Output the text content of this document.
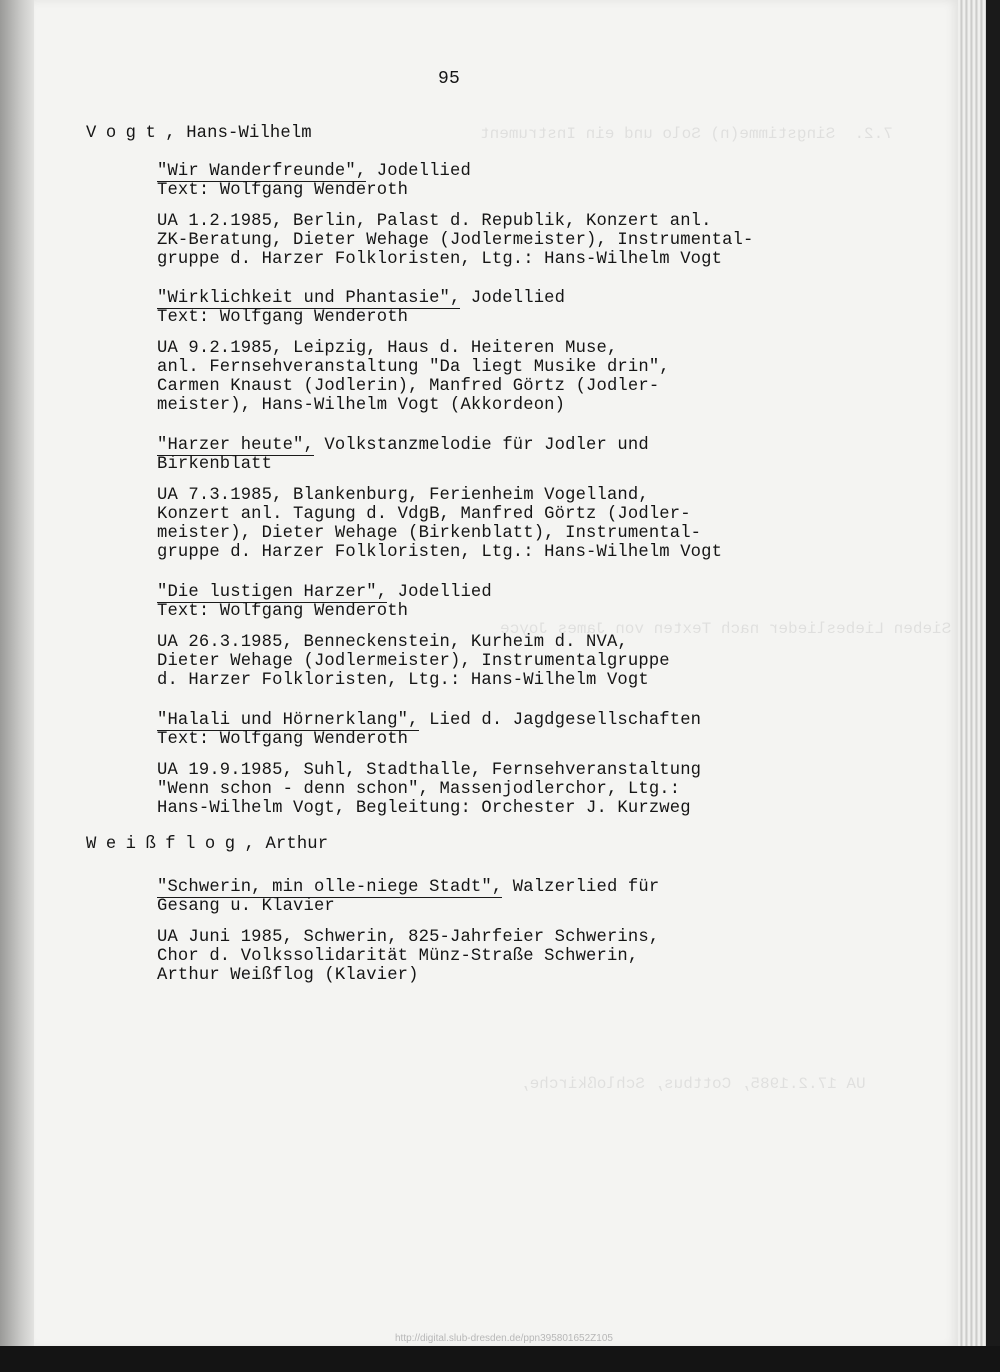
7.2.  Singstimme(n) Solo und ein Instrument
Sieben Liebeslieder nach Texten von James Joyce
UA 17.2.1985, Cottbus, Schloßkirche,
95
Vogt, Hans-Wilhelm
"Wir Wanderfreunde", Jodellied
Text: Wolfgang Wenderoth
UA 1.2.1985, Berlin, Palast d. Republik, Konzert anl.
ZK-Beratung, Dieter Wehage (Jodlermeister), Instrumental-
gruppe d. Harzer Folkloristen, Ltg.: Hans-Wilhelm Vogt
"Wirklichkeit und Phantasie", Jodellied
Text: Wolfgang Wenderoth
UA 9.2.1985, Leipzig, Haus d. Heiteren Muse,
anl. Fernsehveranstaltung "Da liegt Musike drin",
Carmen Knaust (Jodlerin), Manfred Görtz (Jodler-
meister), Hans-Wilhelm Vogt (Akkordeon)
"Harzer heute", Volkstanzmelodie für Jodler und
Birkenblatt
UA 7.3.1985, Blankenburg, Ferienheim Vogelland,
Konzert anl. Tagung d. VdgB, Manfred Görtz (Jodler-
meister), Dieter Wehage (Birkenblatt), Instrumental-
gruppe d. Harzer Folkloristen, Ltg.: Hans-Wilhelm Vogt
"Die lustigen Harzer", Jodellied
Text: Wolfgang Wenderoth
UA 26.3.1985, Benneckenstein, Kurheim d. NVA,
Dieter Wehage (Jodlermeister), Instrumentalgruppe
d. Harzer Folkloristen, Ltg.: Hans-Wilhelm Vogt
"Halali und Hörnerklang", Lied d. Jagdgesellschaften
Text: Wolfgang Wenderoth
UA 19.9.1985, Suhl, Stadthalle, Fernsehveranstaltung
"Wenn schon - denn schon", Massenjodlerchor, Ltg.:
Hans-Wilhelm Vogt, Begleitung: Orchester J. Kurzweg
Weißflog, Arthur
"Schwerin, min olle-niege Stadt", Walzerlied für
Gesang u. Klavier
UA Juni 1985, Schwerin, 825-Jahrfeier Schwerins,
Chor d. Volkssolidarität Münz-Straße Schwerin,
Arthur Weißflog (Klavier)
http://digital.slub-dresden.de/ppn395801652Z105
